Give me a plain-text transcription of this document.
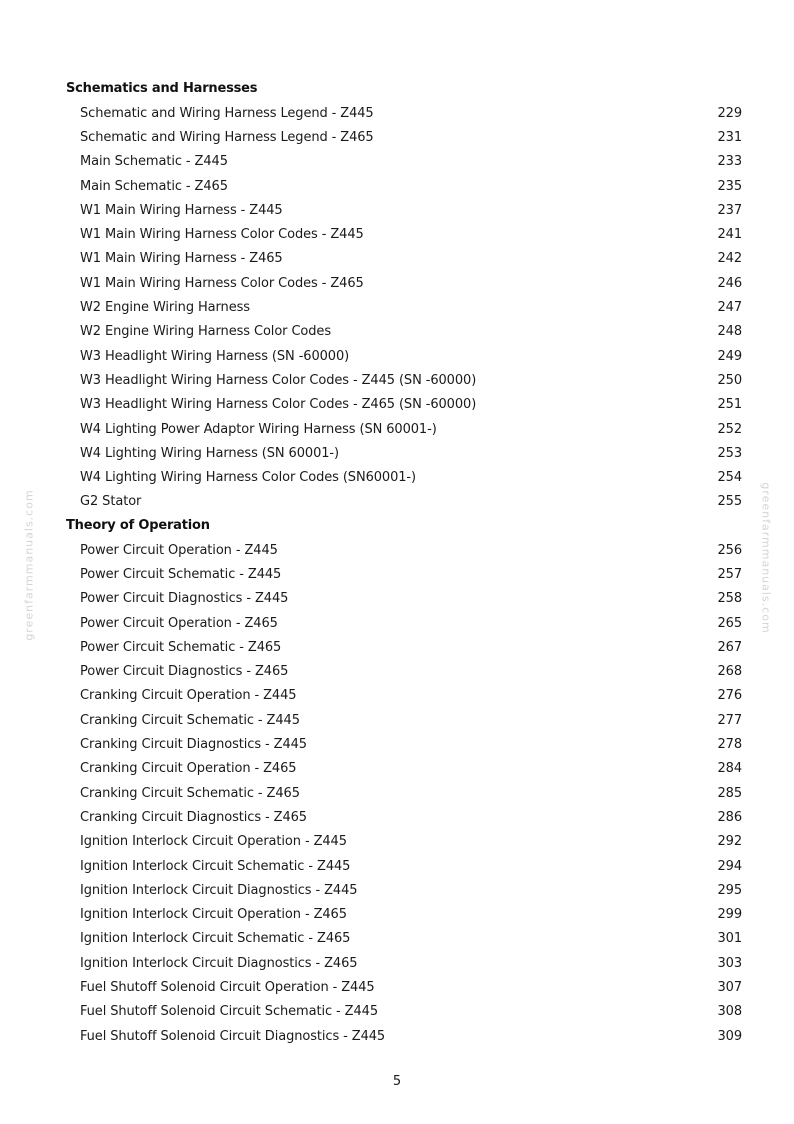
greenfarmmanuals.com	greenfarmmanuals.com
Schematics and Harnesses
Schematic and Wiring Harness Legend - Z445	229
Schematic and Wiring Harness Legend - Z465	231
Main Schematic - Z445	233
Main Schematic - Z465	235
W1 Main Wiring Harness - Z445	237
W1 Main Wiring Harness Color Codes - Z445	241
W1 Main Wiring Harness - Z465	242
W1 Main Wiring Harness Color Codes - Z465	246
W2 Engine Wiring Harness	247
W2 Engine Wiring Harness Color Codes	248
W3 Headlight Wiring Harness (SN -60000)	249
W3 Headlight Wiring Harness Color Codes - Z445 (SN -60000)	250
W3 Headlight Wiring Harness Color Codes - Z465 (SN -60000)	251
W4 Lighting Power Adaptor Wiring Harness (SN 60001-)	252
W4 Lighting Wiring Harness (SN 60001-)	253
W4 Lighting Wiring Harness Color Codes (SN60001-)	254
G2 Stator	255
Theory of Operation
Power Circuit Operation - Z445	256
Power Circuit Schematic - Z445	257
Power Circuit Diagnostics - Z445	258
Power Circuit Operation - Z465	265
Power Circuit Schematic - Z465	267
Power Circuit Diagnostics - Z465	268
Cranking Circuit Operation - Z445	276
Cranking Circuit Schematic - Z445	277
Cranking Circuit Diagnostics - Z445	278
Cranking Circuit Operation - Z465	284
Cranking Circuit Schematic - Z465	285
Cranking Circuit Diagnostics - Z465	286
Ignition Interlock Circuit Operation - Z445	292
Ignition Interlock Circuit Schematic - Z445	294
Ignition Interlock Circuit Diagnostics - Z445	295
Ignition Interlock Circuit Operation - Z465	299
Ignition Interlock Circuit Schematic - Z465	301
Ignition Interlock Circuit Diagnostics - Z465	303
Fuel Shutoff Solenoid Circuit Operation - Z445	307
Fuel Shutoff Solenoid Circuit Schematic - Z445	308
Fuel Shutoff Solenoid Circuit Diagnostics - Z445	309
5
